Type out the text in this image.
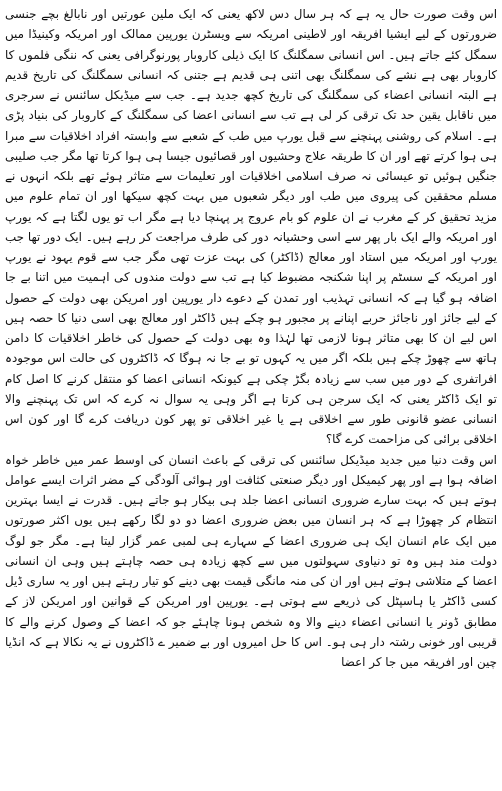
اس وقت صورت حال یہ ہے کہ ہر سال دس لاکھ یعنی کہ ایک ملین عورتیں اور نابالغ بچے جنسی ضرورتوں کے لیے ایشیا افریقہ اور لاطینی امریکہ سے ویسٹرن یورپین ممالک اور امریکہ وکینیڈا میں سمگل کئے جاتے ہیں۔ اس انسانی سمگلنگ کا ایک ذیلی کاروبار پورنوگرافی یعنی کہ ننگی فلموں کا کاروبار بھی ہے نشے کی سمگلنگ بھی اتنی ہی قدیم ہے جتنی کہ انسانی سمگلنگ کی تاریخ قدیم ہے البتہ انسانی اعضاء کی سمگلنگ کی تاریخ کچھ جدید ہے۔ جب سے میڈیکل سائنس نے سرجری میں ناقابل یقین حد تک ترقی کر لی ہے تب سے انسانی اعضا کی سمگلنگ کے کاروبار کی بنیاد پڑی ہے۔ اسلام کی روشنی پہنچنے سے قبل یورپ میں طب کے شعبے سے وابستہ افراد اخلاقیات سے مبرا ہی ہوا کرتے تھے اور ان کا طریقہ علاج وحشیوں اور قصائیوں جیسا ہی ہوا کرتا تھا مگر جب صلیبی جنگیں ہوئیں تو عیسائی نہ صرف اسلامی اخلاقیات اور تعلیمات سے متاثر ہوئے تھے بلکہ انہوں نے مسلم محققین کی پیروی میں طب اور دیگر شعبوں میں بہت کچھ سیکھا اور ان تمام علوم میں مزید تحقیق کر کے مغرب نے ان علوم کو بام عروج پر پہنچا دیا ہے مگر اب تو یوں لگتا ہے کہ یورپ اور امریکہ والے ایک بار پھر سے اسی وحشیانہ دور کی طرف مراجعت کر رہے ہیں۔ ایک دور تھا جب یورپ اور امریکہ میں استاد اور معالج (ڈاکٹر) کی بہت عزت تھی مگر جب سے قوم یہود نے یورپ اور امریکہ کے سسٹم پر اپنا شکنجہ مضبوط کیا ہے تب سے دولت مندوں کی اہمیت میں اتنا بے جا اضافہ ہو گیا ہے کہ انسانی تہذیب اور تمدن کے دعوے دار یورپین اور امریکن بھی دولت کے حصول کے لیے جائز اور ناجائز حربے اپنانے پر مجبور ہو چکے ہیں ڈاکٹر اور معالج بھی اسی دنیا کا حصہ ہیں اس لیے ان کا بھی متاثر ہونا لازمی تھا لہٰذا وہ بھی دولت کے حصول کی خاطر اخلاقیات کا دامن ہاتھ سے چھوڑ چکے ہیں بلکہ اگر میں یہ کہوں تو بے جا نہ ہوگا کہ ڈاکٹروں کی حالت اس موجودہ افراتفری کے دور میں سب سے زیادہ بگڑ چکی ہے کیونکہ انسانی اعضا کو منتقل کرنے کا اصل کام تو ایک ڈاکٹر یعنی کہ ایک سرجن ہی کرتا ہے اگر وہی یہ سوال نہ کرے کہ اس تک پہنچنے والا انسانی عضو قانونی طور سے اخلاقی ہے یا غیر اخلاقی تو پھر کون دریافت کرے گا اور کون اس اخلاقی برائی کی مزاحمت کرے گا؟

اس وقت دنیا میں جدید میڈیکل سائنس کی ترقی کے باعث انسان کی اوسط عمر میں خاطر خواہ اضافہ ہوا ہے اور پھر کیمیکل اور دیگر صنعتی کثافت اور ہوائی آلودگی کے مضر اثرات ایسے عوامل ہوتے ہیں کہ بہت سارے ضروری انسانی اعضا جلد ہی بیکار ہو جاتے ہیں۔ قدرت نے ایسا بہترین انتظام کر چھوڑا ہے کہ ہر انسان میں بعض ضروری اعضا دو دو لگا رکھے ہیں یوں اکثر صورتوں میں ایک عام انسان ایک ہی ضروری اعضا کے سہارے ہی لمبی عمر گزار لیتا ہے۔ مگر جو لوگ دولت مند ہیں وہ تو دنیاوی سہولتوں میں سے کچھ زیادہ ہی حصہ چاہتے ہیں وہی ان انسانی اعضا کے متلاشی ہوتے ہیں اور ان کی منہ مانگی قیمت بھی دینے کو تیار رہتے ہیں اور یہ ساری ڈیل کسی ڈاکٹر یا ہاسپٹل کی ذریعے سے ہوتی ہے۔ یورپین اور امریکن کے قوانین اور امریکن لاز کے مطابق ڈونر یا انسانی اعضاء دینے والا وہ شخص ہونا چاہئے جو کہ اعضا کے وصول کرنے والے کا قریبی اور خونی رشتہ دار ہی ہو۔ اس کا حل امیروں اور بے ضمیر ے ڈاکٹروں نے یہ نکالا ہے کہ انڈیا چین اور افریقہ میں جا کر اعضا
